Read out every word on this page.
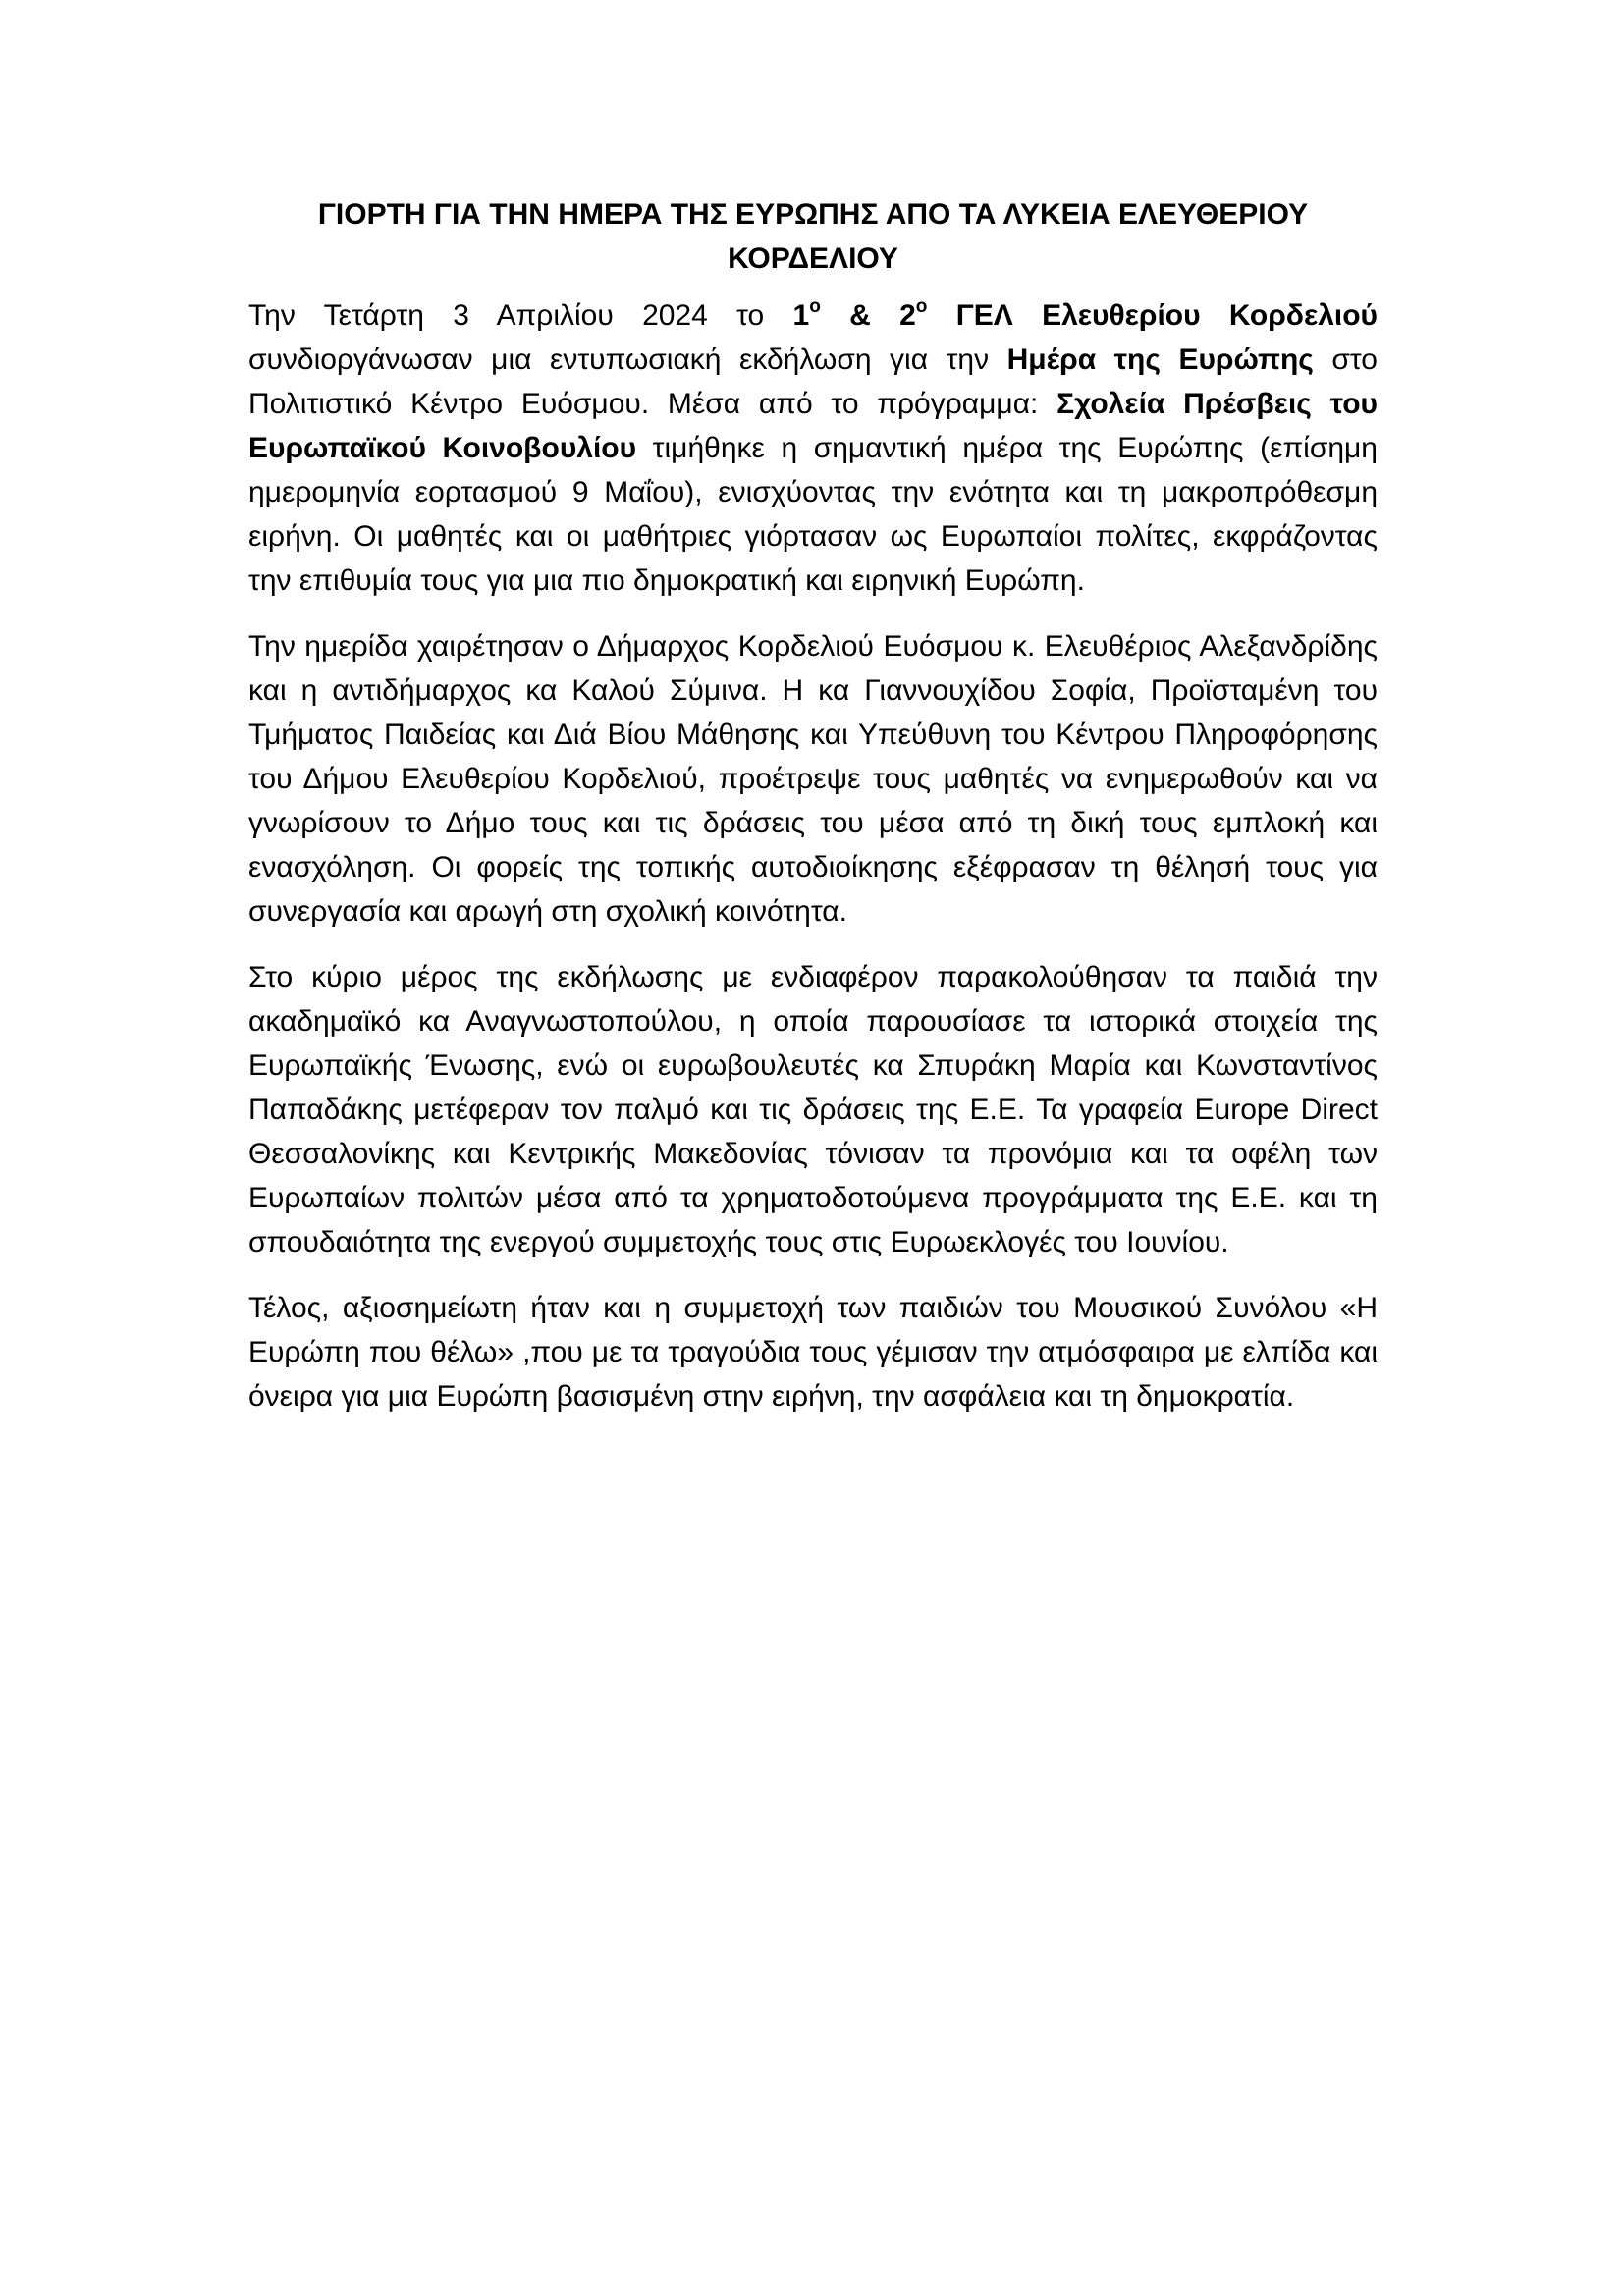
ΓΙΟΡΤΗ ΓΙΑ ΤΗΝ ΗΜΕΡΑ ΤΗΣ ΕΥΡΩΠΗΣ ΑΠΟ ΤΑ ΛΥΚΕΙΑ ΕΛΕΥΘΕΡΙΟΥ ΚΟΡΔΕΛΙΟΥ

Την Τετάρτη 3 Απριλίου 2024 το $1^o$ & $2^o$ ΓΕΛ Ελευθερίου Κορδελιού συνδιοργάνωσαν μια εντυπωσιακή εκδήλωση για την Ημέρα της Ευρώπης στο Πολιτιστικό Κέντρο Ευόσμου. Μέσα από το πρόγραμμα: Σχολεία Πρέσβεις του Ευρωπαϊκού Κοινοβουλίου τιμήθηκε η σημαντική ημέρα της Ευρώπης (επίσημη ημερομηνία εορτασμού 9 Μαΐου), ενισχύοντας την ενότητα και τη μακροπρόθεσμη ειρήνη. Οι μαθητές και οι μαθήτριες γιόρτασαν ως Ευρωπαίοι πολίτες, εκφράζοντας την επιθυμία τους για μια πιο δημοκρατική και ειρηνική Ευρώπη.

Την ημερίδα χαιρέτησαν ο Δήμαρχος Κορδελιού Ευόσμου κ. Ελευθέριος Αλεξανδρίδης και η αντιδήμαρχος κα Καλού Σύμινα. Η κα Γιαννουχίδου Σοφία, Προϊσταμένη του Τμήματος Παιδείας και Διά Βίου Μάθησης και Υπεύθυνη του Κέντρου Πληροφόρησης του Δήμου Ελευθερίου Κορδελιού, προέτρεψε τους μαθητές να ενημερωθούν και να γνωρίσουν το Δήμο τους και τις δράσεις του μέσα από τη δική τους εμπλοκή και ενασχόληση. Οι φορείς της τοπικής αυτοδιοίκησης εξέφρασαν τη θέλησή τους για συνεργασία και αρωγή στη σχολική κοινότητα.

Στο κύριο μέρος της εκδήλωσης με ενδιαφέρον παρακολούθησαν τα παιδιά την ακαδημαϊκό κα Αναγνωστοπούλου, η οποία παρουσίασε τα ιστορικά στοιχεία της Ευρωπαϊκής Ένωσης, ενώ οι ευρωβουλευτές κα Σπυράκη Μαρία και Κωνσταντίνος Παπαδάκης μετέφεραν τον παλμό και τις δράσεις της Ε.Ε. Τα γραφεία Europe Direct Θεσσαλονίκης και Κεντρικής Μακεδονίας τόνισαν τα προνόμια και τα οφέλη των Ευρωπαίων πολιτών μέσα από τα χρηματοδοτούμενα προγράμματα της Ε.Ε. και τη σπουδαιότητα της ενεργού συμμετοχής τους στις Ευρωεκλογές του Ιουνίου.

Τέλος, αξιοσημείωτη ήταν και η συμμετοχή των παιδιών του Μουσικού Συνόλου «Η Ευρώπη που θέλω» ,που με τα τραγούδια τους γέμισαν την ατμόσφαιρα με ελπίδα και όνειρα για μια Ευρώπη βασισμένη στην ειρήνη, την ασφάλεια και τη δημοκρατία.
